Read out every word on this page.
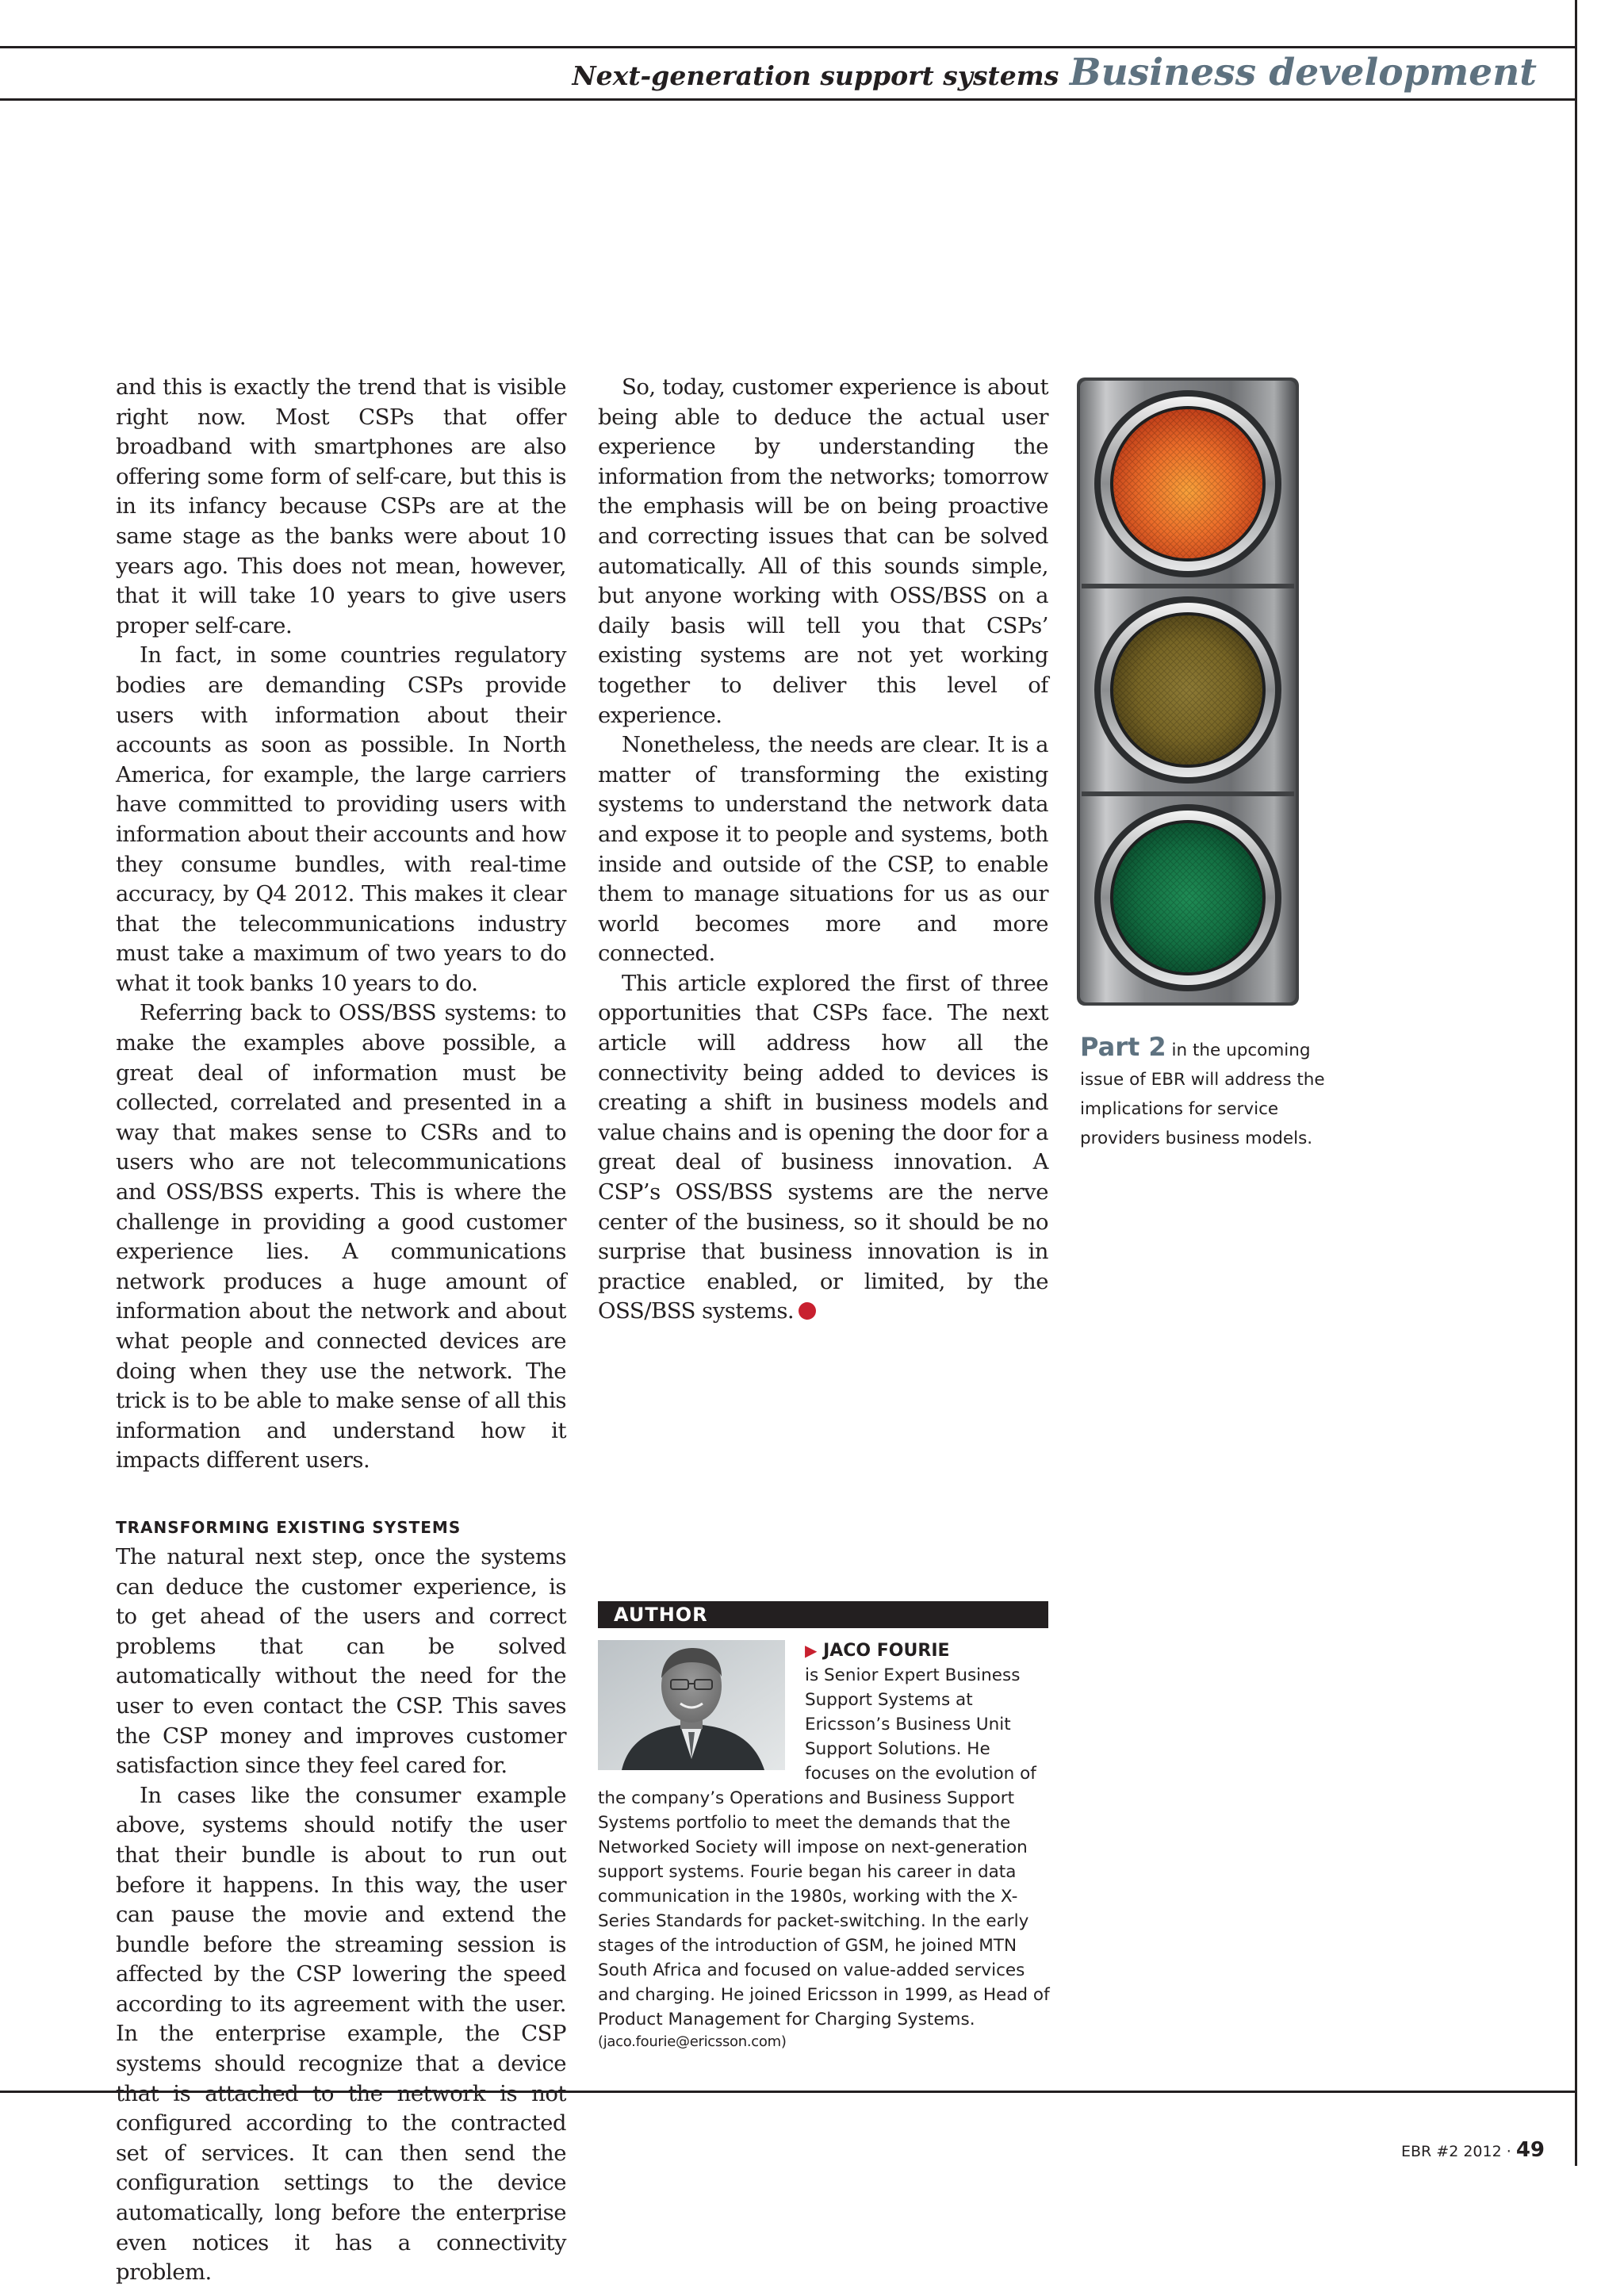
Next-generation support systems Business development

and this is exactly the trend that is visible right now. Most CSPs that offer broadband with smartphones are also offering some form of self-care, but this is in its infancy because CSPs are at the same stage as the banks were about 10 years ago. This does not mean, however, that it will take 10 years to give users proper self-care.

In fact, in some countries regulatory bodies are demanding CSPs provide users with information about their accounts as soon as possible. In North America, for example, the large carriers have committed to providing users with information about their accounts and how they consume bundles, with real-time accuracy, by Q4 2012. This makes it clear that the telecommunications industry must take a maximum of two years to do what it took banks 10 years to do.

Referring back to OSS/BSS systems: to make the examples above possible, a great deal of information must be collected, correlated and presented in a way that makes sense to CSRs and to users who are not telecommunications and OSS/BSS experts. This is where the challenge in providing a good customer experience lies. A communications network produces a huge amount of information about the network and about what people and connected devices are doing when they use the network. The trick is to be able to make sense of all this information and understand how it impacts different users.

TRANSFORMING EXISTING SYSTEMS

The natural next step, once the systems can deduce the customer experience, is to get ahead of the users and correct problems that can be solved automatically without the need for the user to even contact the CSP. This saves the CSP money and improves customer satisfaction since they feel cared for.

In cases like the consumer example above, systems should notify the user that their bundle is about to run out before it happens. In this way, the user can pause the movie and extend the bundle before the streaming session is affected by the CSP lowering the speed according to its agreement with the user. In the enterprise example, the CSP systems should recognize that a device that is attached to the network is not configured according to the contracted set of services. It can then send the configuration settings to the device automatically, long before the enterprise even notices it has a connectivity problem.

So, today, customer experience is about being able to deduce the actual user experience by understanding the information from the networks; tomorrow the emphasis will be on being proactive and correcting issues that can be solved automatically. All of this sounds simple, but anyone working with OSS/BSS on a daily basis will tell you that CSPs’ existing systems are not yet working together to deliver this level of experience.

Nonetheless, the needs are clear. It is a matter of transforming the existing systems to understand the network data and expose it to people and systems, both inside and outside of the CSP, to enable them to manage situations for us as our world becomes more and more connected.

This article explored the first of three opportunities that CSPs face. The next article will address how all the connectivity being added to devices is creating a shift in business models and value chains and is opening the door for a great deal of business innovation. A CSP’s OSS/BSS systems are the nerve center of the business, so it should be no surprise that business innovation is in practice enabled, or limited, by the OSS/BSS systems.

Part 2 in the upcoming issue of EBR will address the implications for service providers business models.
AUTHOR
▶ JACO FOURIE
is Senior Expert Business Support Systems at Ericsson’s Business Unit Support Solutions. He focuses on the evolution of
the company’s Operations and Business Support Systems portfolio to meet the demands that the Networked Society will impose on next-generation support systems. Fourie began his career in data communication in the 1980s, working with the X-Series Standards for packet-switching. In the early stages of the introduction of GSM, he joined MTN South Africa and focused on value-added services and charging. He joined Ericsson in 1999, as Head of Product Management for Charging Systems.
(jaco.fourie@ericsson.com)
EBR #2 2012 · 49
